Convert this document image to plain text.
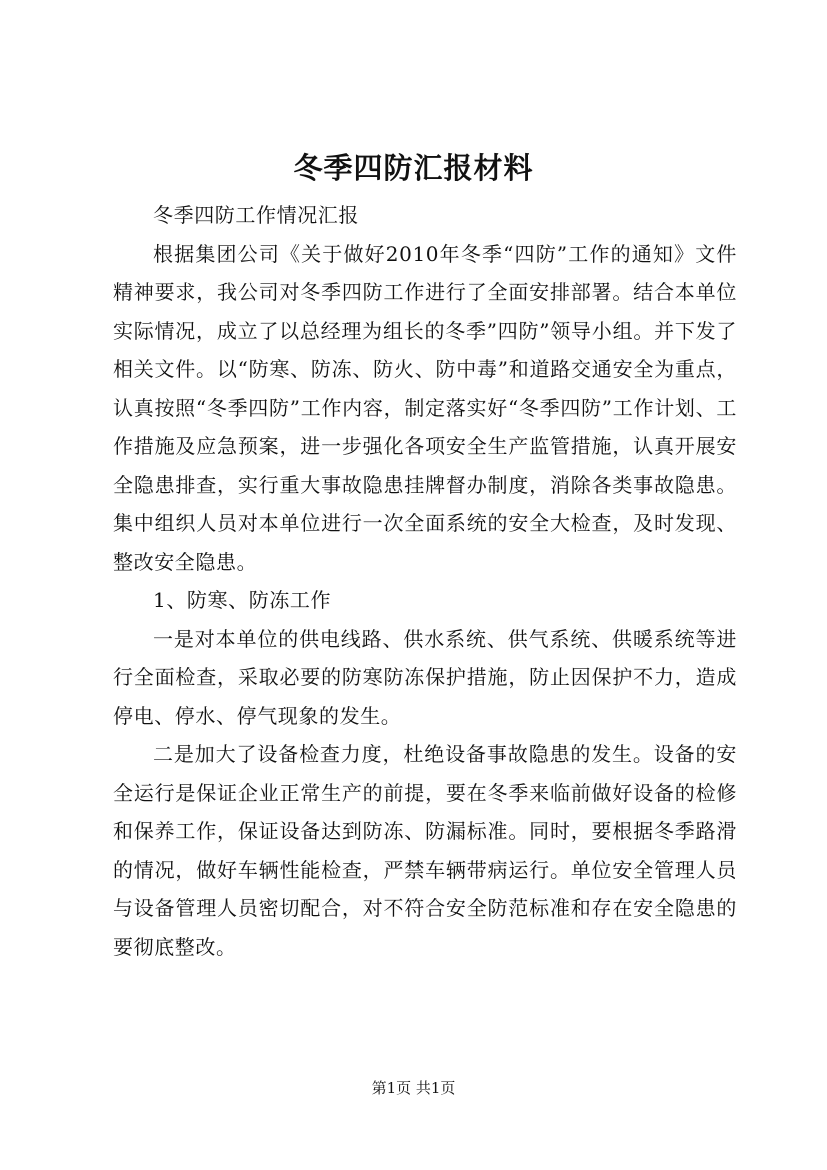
冬季四防汇报材料

冬季四防工作情况汇报

根据集团公司《关于做好2010年冬季“四防”工作的通知》文件精神要求，我公司对冬季四防工作进行了全面安排部署。结合本单位实际情况，成立了以总经理为组长的冬季”四防”领导小组。并下发了相关文件。以“防寒、防冻、防火、防中毒”和道路交通安全为重点，认真按照“冬季四防”工作内容，制定落实好“冬季四防”工作计划、工作措施及应急预案，进一步强化各项安全生产监管措施，认真开展安全隐患排查，实行重大事故隐患挂牌督办制度，消除各类事故隐患。集中组织人员对本单位进行一次全面系统的安全大检查，及时发现、整改安全隐患。

1、防寒、防冻工作

一是对本单位的供电线路、供水系统、供气系统、供暖系统等进行全面检查，采取必要的防寒防冻保护措施，防止因保护不力，造成停电、停水、停气现象的发生。

二是加大了设备检查力度，杜绝设备事故隐患的发生。设备的安全运行是保证企业正常生产的前提，要在冬季来临前做好设备的检修和保养工作，保证设备达到防冻、防漏标准。同时，要根据冬季路滑的情况，做好车辆性能检查，严禁车辆带病运行。单位安全管理人员与设备管理人员密切配合，对不符合安全防范标准和存在安全隐患的要彻底整改。

第1页 共1页
